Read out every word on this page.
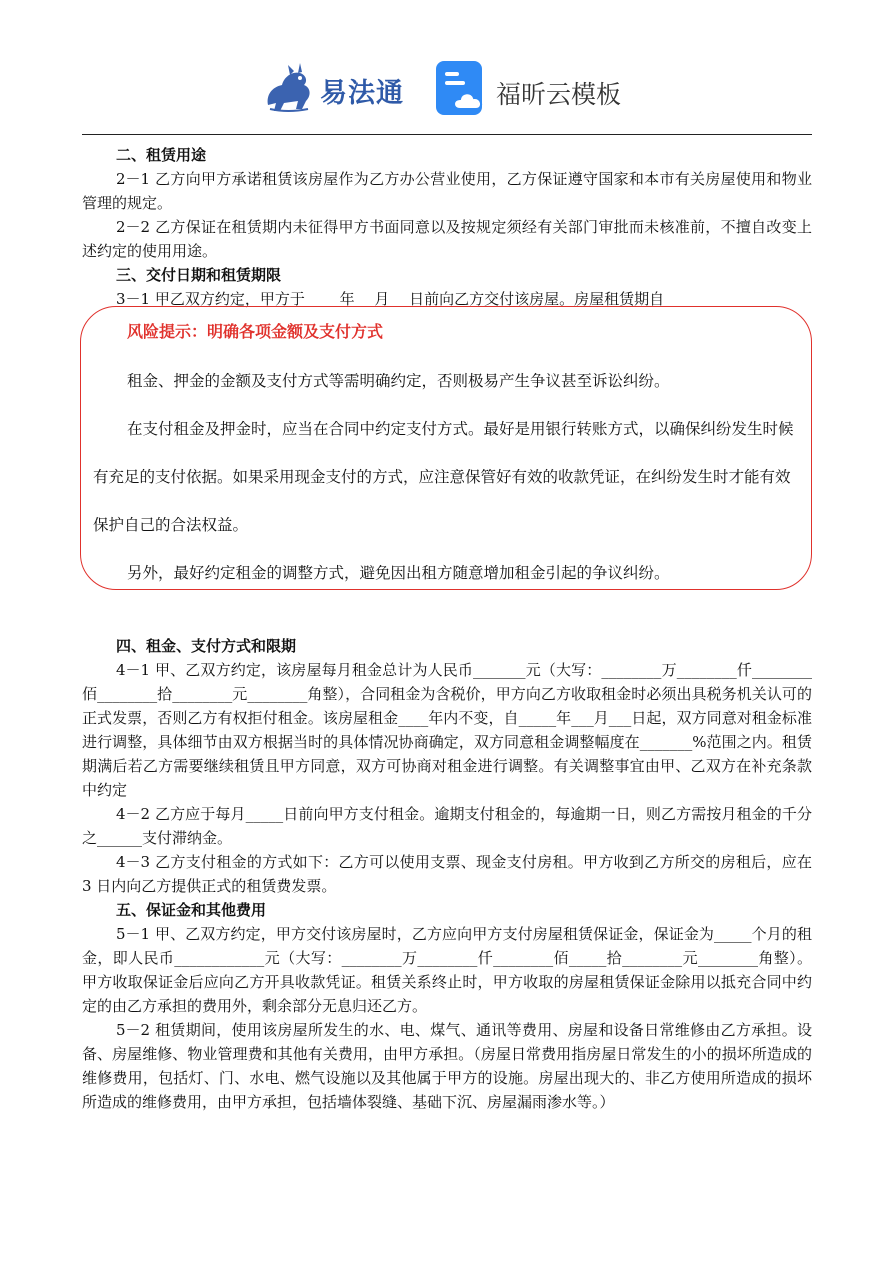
易法通	福昕云模板

二、租赁用途

2－1 乙方向甲方承诺租赁该房屋作为乙方办公营业使用，乙方保证遵守国家和本市有关房屋使用和物业管理的规定。

2－2 乙方保证在租赁期内未征得甲方书面同意以及按规定须经有关部门审批而未核准前，不擅自改变上述约定的使用用途。

三、交付日期和租赁期限

3－1 甲乙双方约定，甲方于　　 年　 月　 日前向乙方交付该房屋。房屋租赁期自

风险提示：明确各项金额及支付方式

租金、押金的金额及支付方式等需明确约定，否则极易产生争议甚至诉讼纠纷。

在支付租金及押金时，应当在合同中约定支付方式。最好是用银行转账方式，以确保纠纷发生时候有充足的支付依据。如果采用现金支付的方式，应注意保管好有效的收款凭证，在纠纷发生时才能有效保护自己的合法权益。

另外，最好约定租金的调整方式，避免因出租方随意增加租金引起的争议纠纷。

四、租金、支付方式和限期

4－1 甲、乙双方约定，该房屋每月租金总计为人民币_______元（大写：________万________仟________佰________拾________元________角整），合同租金为含税价，甲方向乙方收取租金时必须出具税务机关认可的正式发票，否则乙方有权拒付租金。该房屋租金____年内不变，自_____年___月___日起，双方同意对租金标准进行调整，具体细节由双方根据当时的具体情况协商确定，双方同意租金调整幅度在_______%范围之内。租赁期满后若乙方需要继续租赁且甲方同意，双方可协商对租金进行调整。有关调整事宜由甲、乙双方在补充条款中约定

4－2 乙方应于每月_____日前向甲方支付租金。逾期支付租金的，每逾期一日，则乙方需按月租金的千分之______支付滞纳金。

4－3 乙方支付租金的方式如下：乙方可以使用支票、现金支付房租。甲方收到乙方所交的房租后，应在 3 日内向乙方提供正式的租赁费发票。

五、保证金和其他费用

5－1 甲、乙双方约定，甲方交付该房屋时，乙方应向甲方支付房屋租赁保证金，保证金为_____个月的租金，即人民币____________元（大写：________万________仟________佰_____拾________元________角整）。甲方收取保证金后应向乙方开具收款凭证。租赁关系终止时，甲方收取的房屋租赁保证金除用以抵充合同中约定的由乙方承担的费用外，剩余部分无息归还乙方。

5－2 租赁期间，使用该房屋所发生的水、电、煤气、通讯等费用、房屋和设备日常维修由乙方承担。设备、房屋维修、物业管理费和其他有关费用，由甲方承担。（房屋日常费用指房屋日常发生的小的损坏所造成的维修费用，包括灯、门、水电、燃气设施以及其他属于甲方的设施。房屋出现大的、非乙方使用所造成的损坏所造成的维修费用，由甲方承担，包括墙体裂缝、基础下沉、房屋漏雨渗水等。）
